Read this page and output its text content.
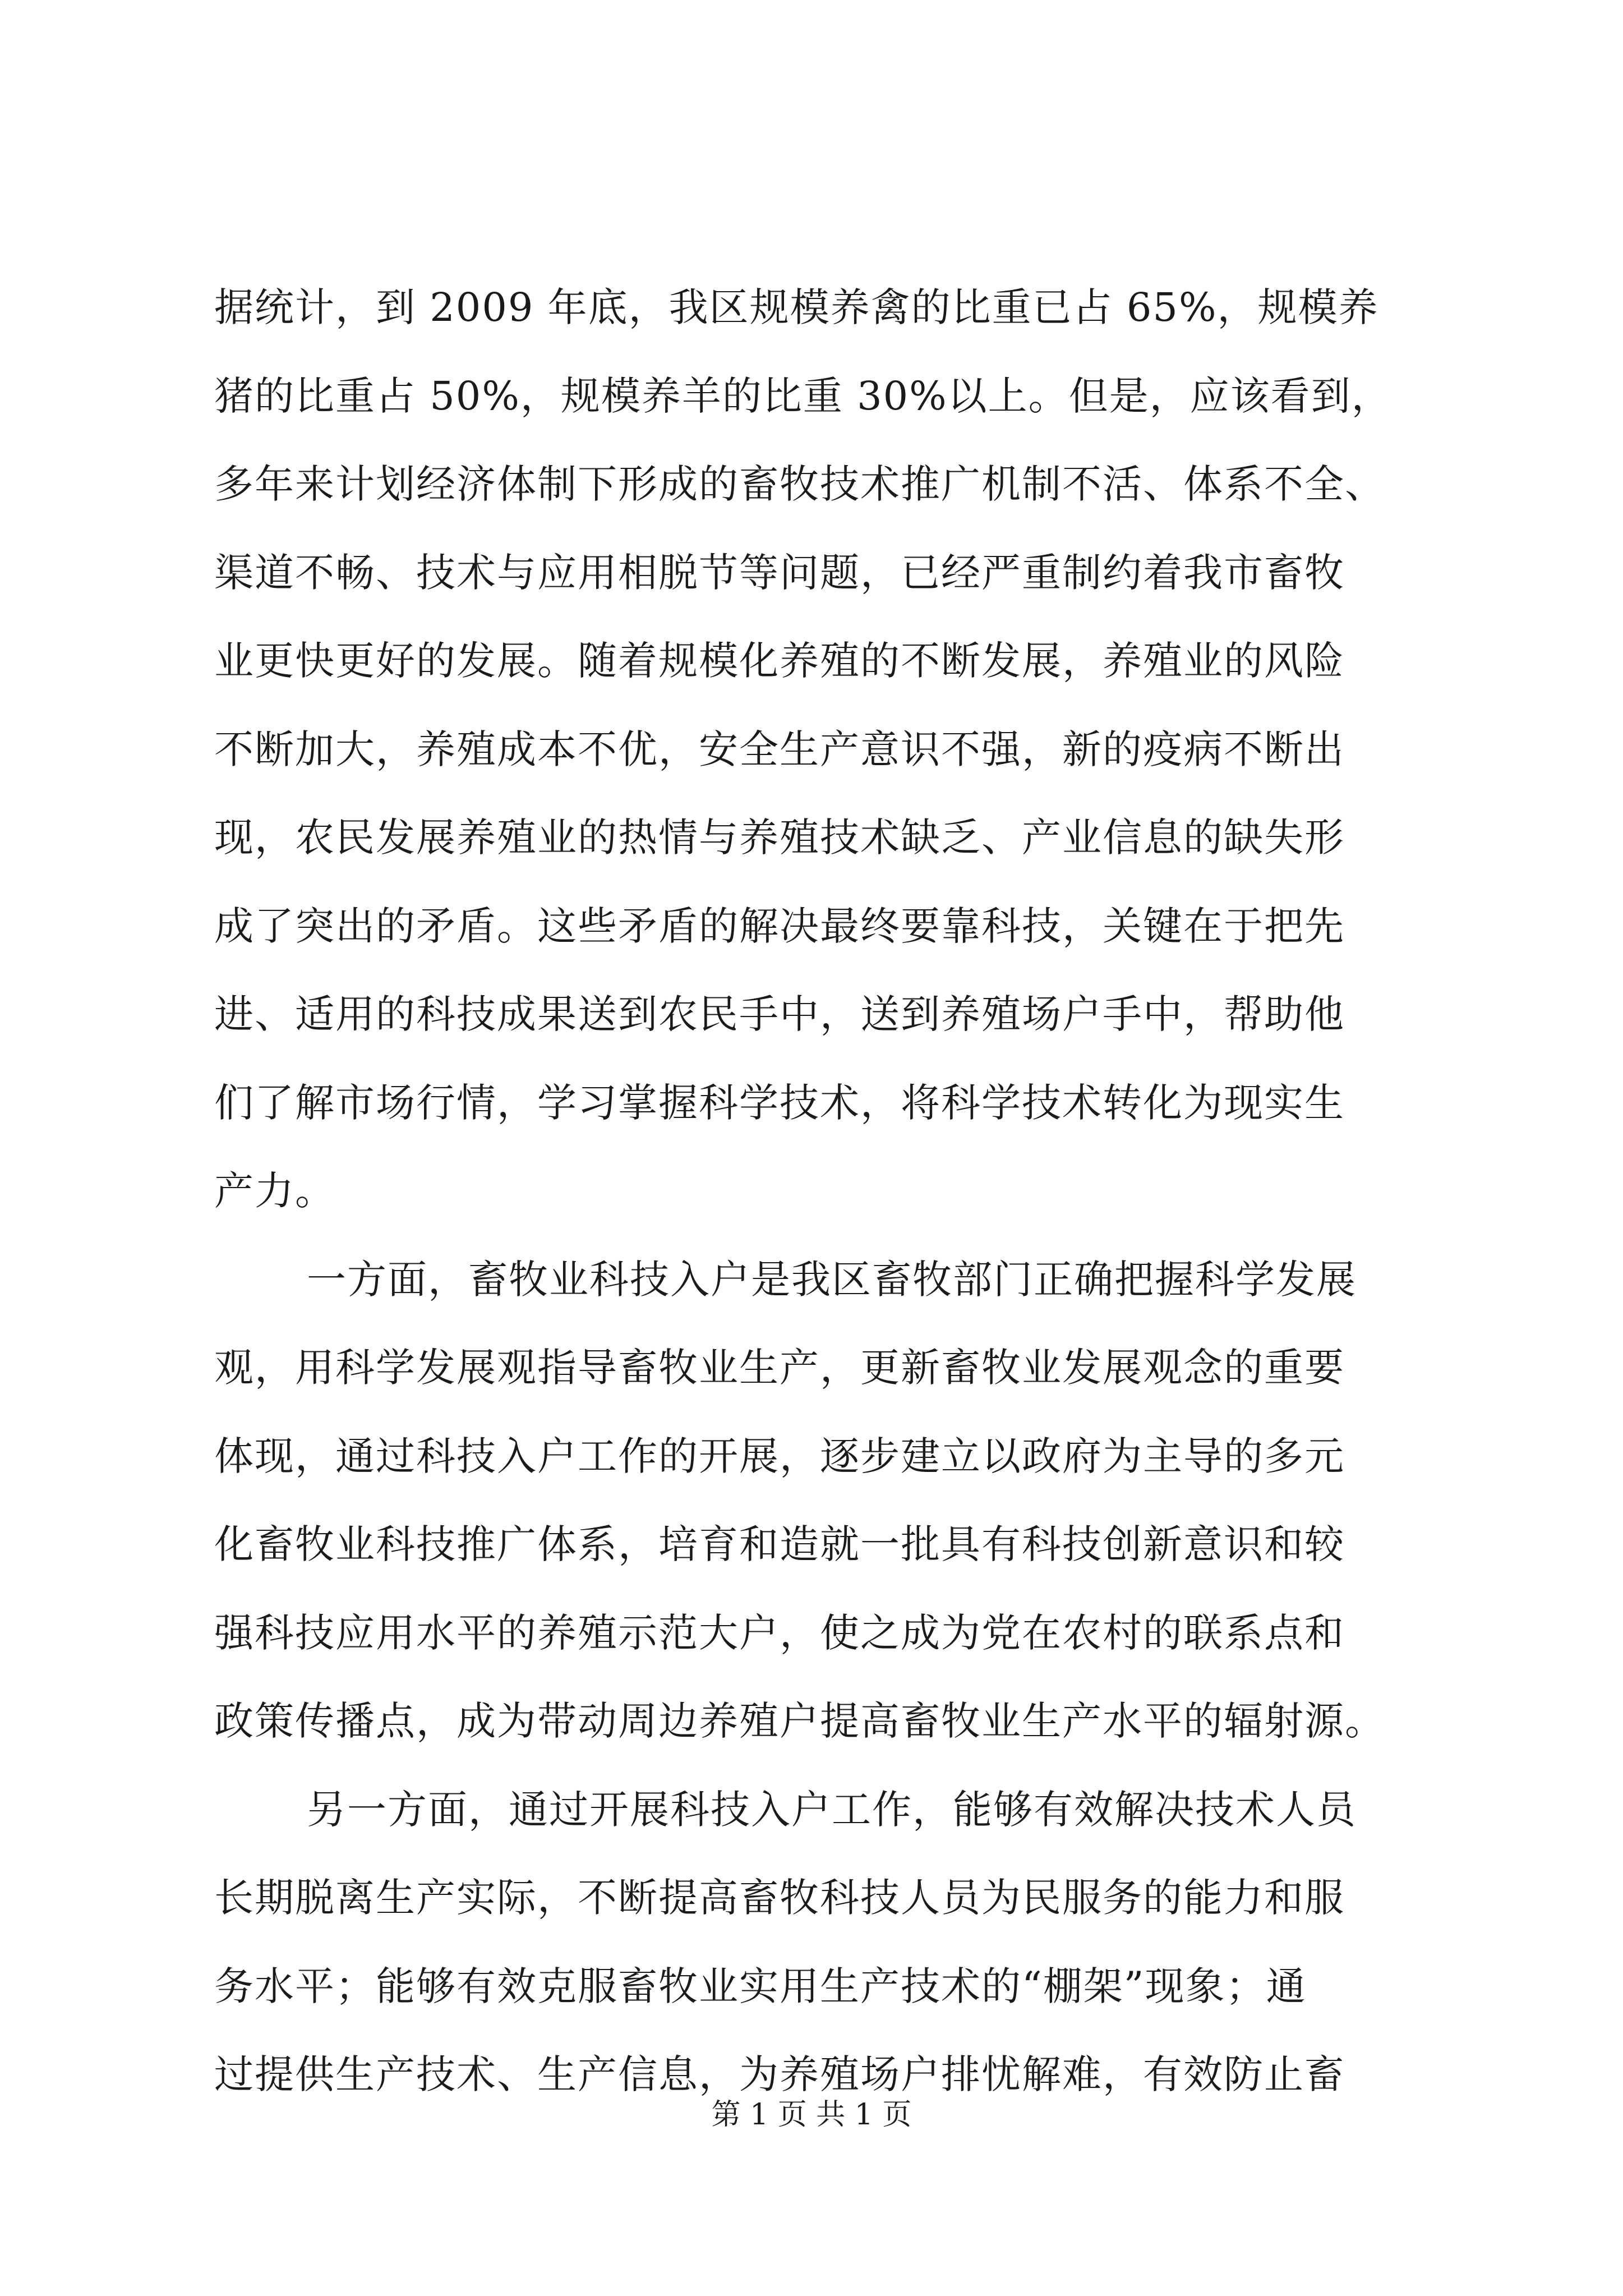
据统计，到 2009 年底，我区规模养禽的比重已占 65%，规模养
猪的比重占 50%，规模养羊的比重 30%以上。但是，应该看到，
多年来计划经济体制下形成的畜牧技术推广机制不活、体系不全、
渠道不畅、技术与应用相脱节等问题，已经严重制约着我市畜牧
业更快更好的发展。随着规模化养殖的不断发展，养殖业的风险
不断加大，养殖成本不优，安全生产意识不强，新的疫病不断出
现，农民发展养殖业的热情与养殖技术缺乏、产业信息的缺失形
成了突出的矛盾。这些矛盾的解决最终要靠科技，关键在于把先
进、适用的科技成果送到农民手中，送到养殖场户手中，帮助他
们了解市场行情，学习掌握科学技术，将科学技术转化为现实生
产力。
一方面，畜牧业科技入户是我区畜牧部门正确把握科学发展
观，用科学发展观指导畜牧业生产，更新畜牧业发展观念的重要
体现，通过科技入户工作的开展，逐步建立以政府为主导的多元
化畜牧业科技推广体系，培育和造就一批具有科技创新意识和较
强科技应用水平的养殖示范大户，使之成为党在农村的联系点和
政策传播点，成为带动周边养殖户提高畜牧业生产水平的辐射源。
另一方面，通过开展科技入户工作，能够有效解决技术人员
长期脱离生产实际，不断提高畜牧科技人员为民服务的能力和服
务水平；能够有效克服畜牧业实用生产技术的“棚架”现象；通
过提供生产技术、生产信息，为养殖场户排忧解难，有效防止畜
第 1 页 共 1 页
